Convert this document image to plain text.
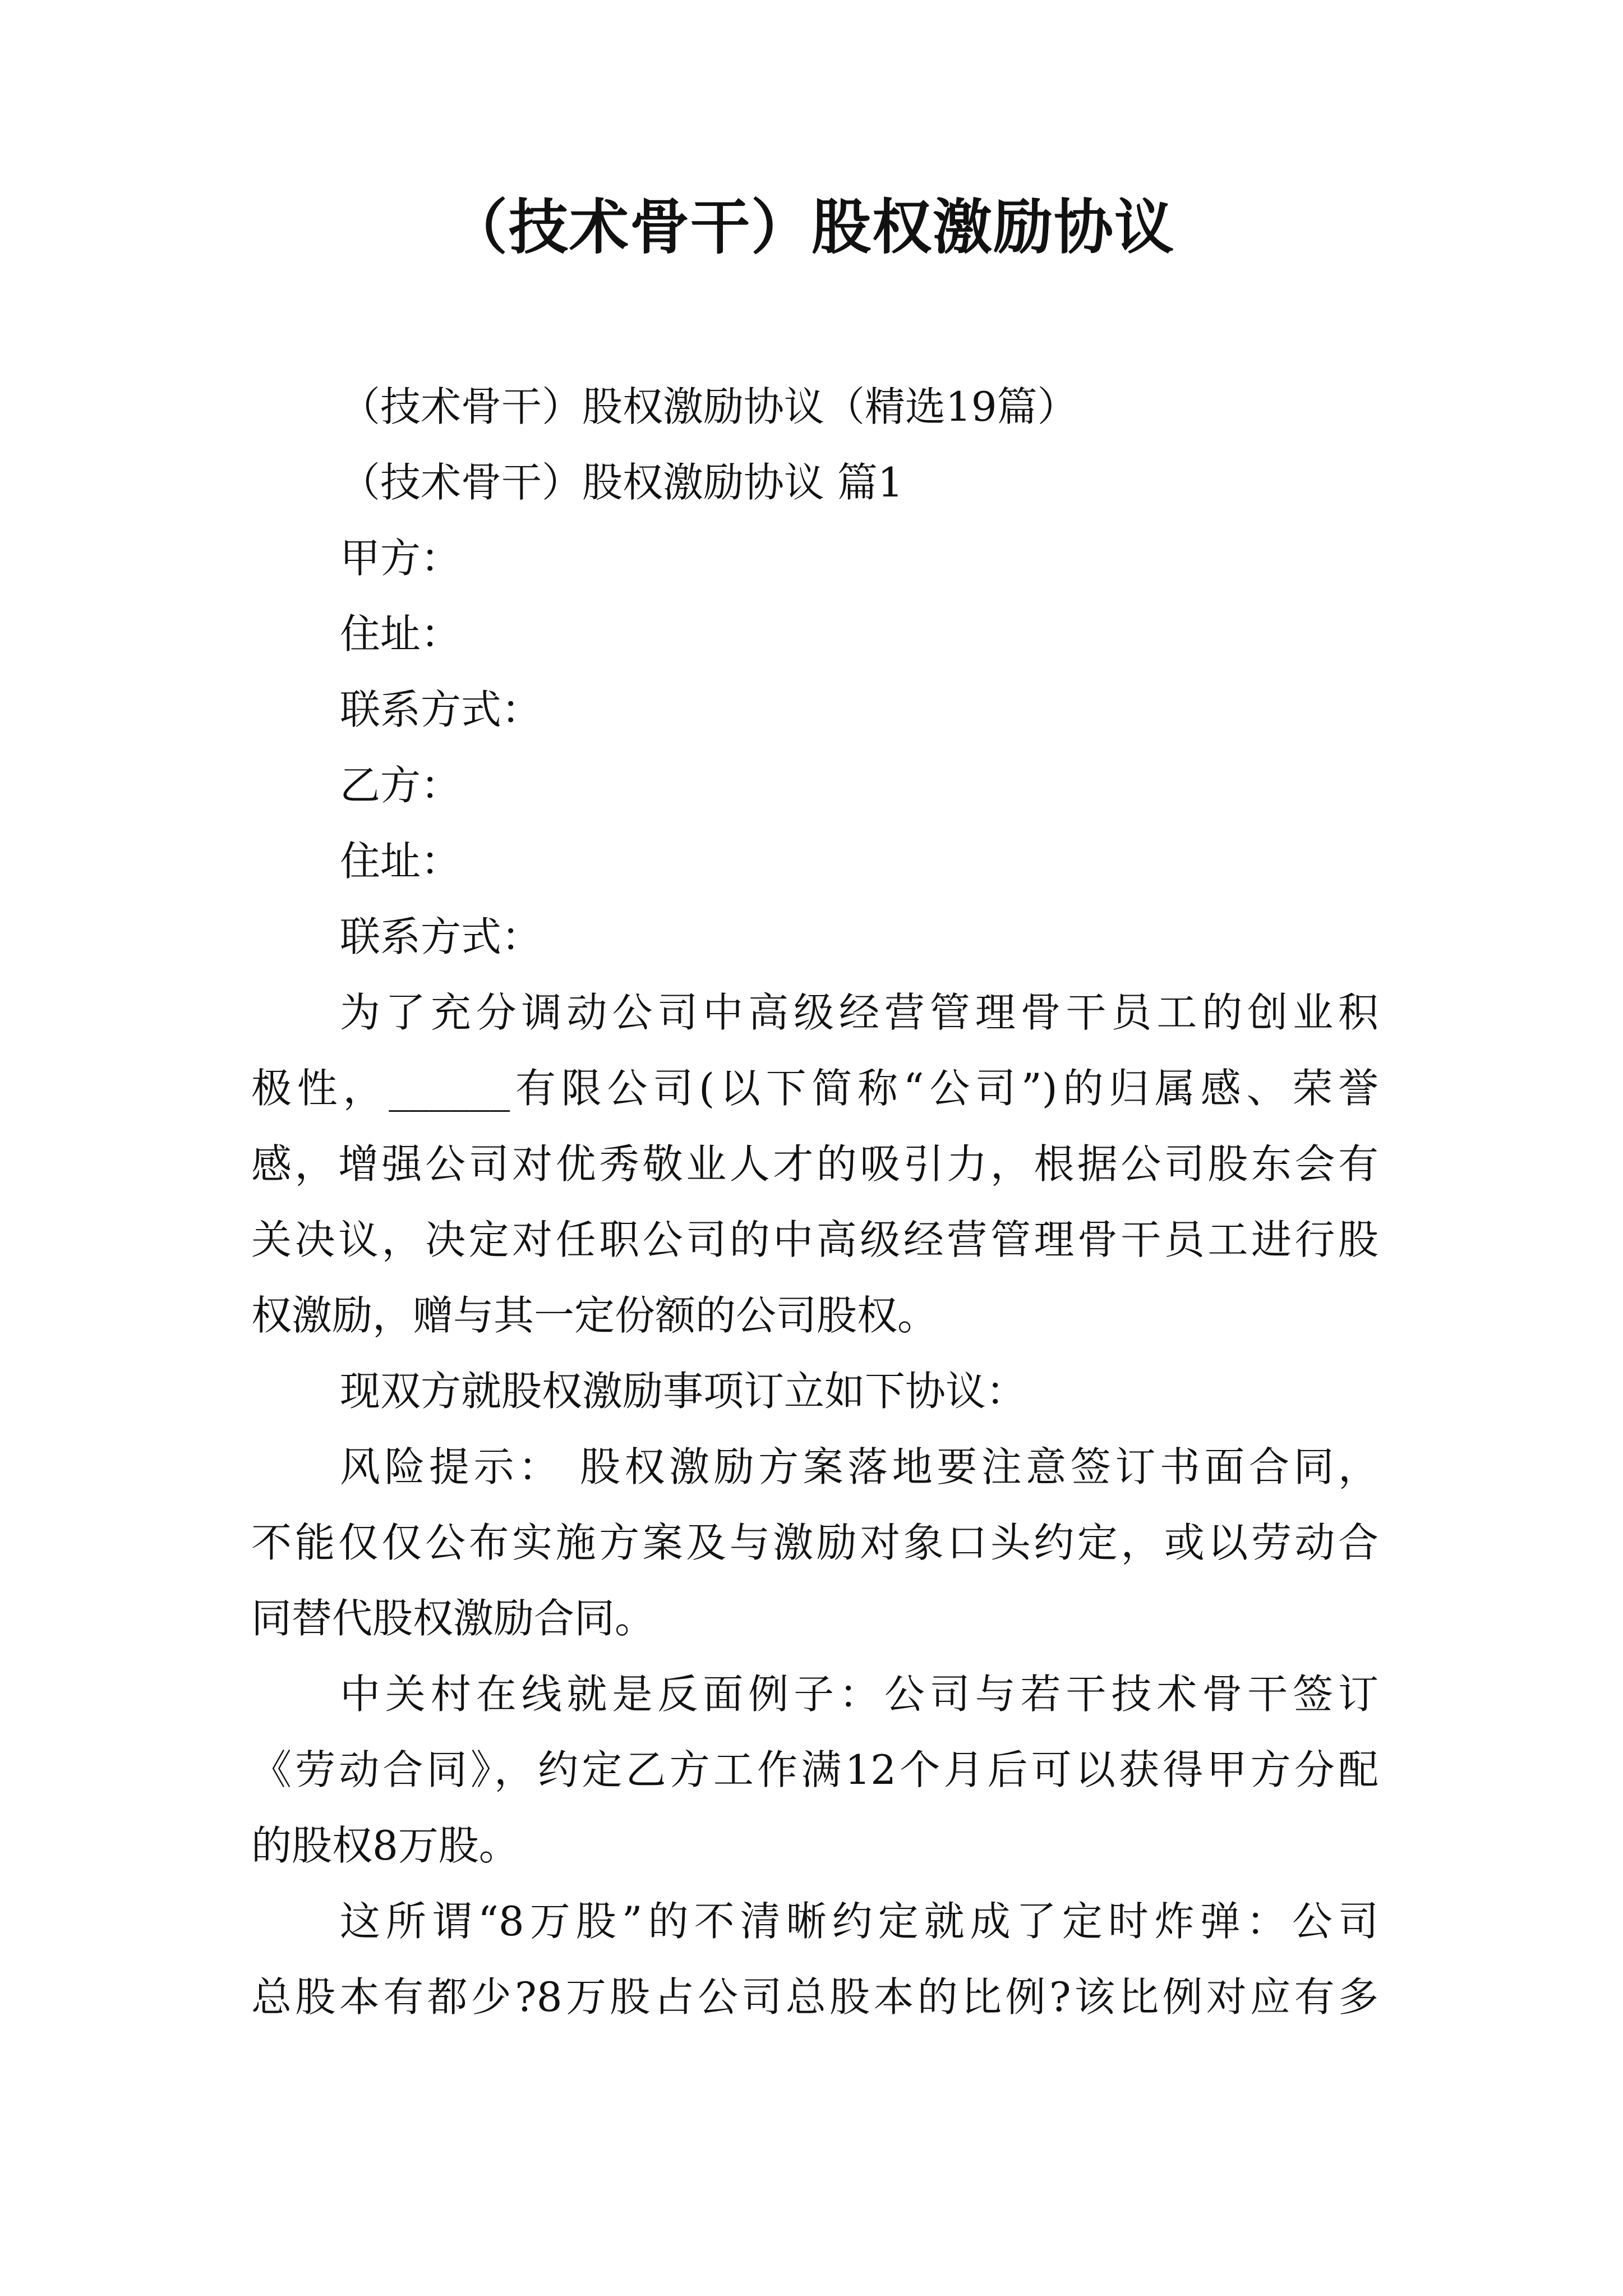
（技术骨干）股权激励协议

（技术骨干）股权激励协议（精选19篇）

（技术骨干）股权激励协议 篇1

甲方：

住址：

联系方式：

乙方：

住址：

联系方式：

为了充分调动公司中高级经营管理骨干员工的创业积

极性，______有限公司(以下简称“公司”)的归属感、荣誉

感，增强公司对优秀敬业人才的吸引力，根据公司股东会有

关决议，决定对任职公司的中高级经营管理骨干员工进行股

权激励，赠与其一定份额的公司股权。

现双方就股权激励事项订立如下协议：

风险提示： 股权激励方案落地要注意签订书面合同，

不能仅仅公布实施方案及与激励对象口头约定，或以劳动合

同替代股权激励合同。

中关村在线就是反面例子：公司与若干技术骨干签订

《劳动合同》，约定乙方工作满12个月后可以获得甲方分配

的股权8万股。

这所谓“8万股”的不清晰约定就成了定时炸弹：公司

总股本有都少?8万股占公司总股本的比例?该比例对应有多
